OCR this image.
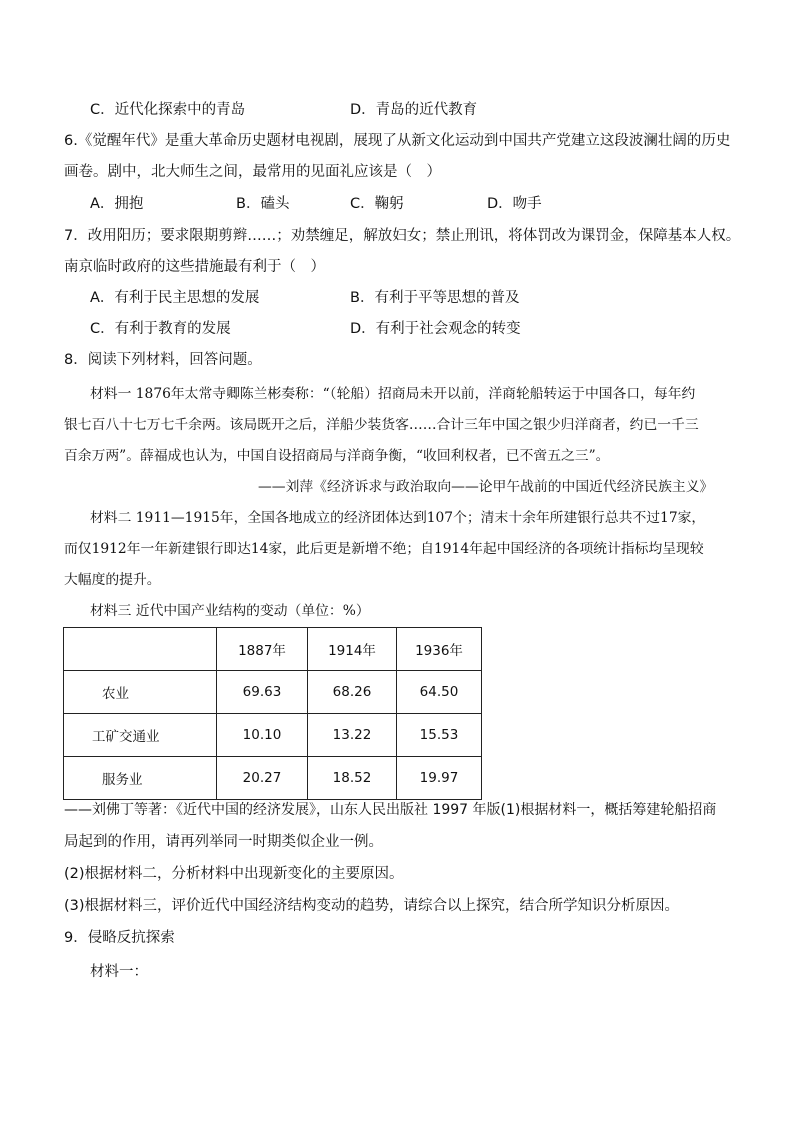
C．近代化探索中的青岛	D．青岛的近代教育
6.《觉醒年代》是重大革命历史题材电视剧，展现了从新文化运动到中国共产党建立这段波澜壮阔的历史
画卷。剧中，北大师生之间，最常用的见面礼应该是（　）
A．拥抱	B．磕头	C．鞠躬	D．吻手
7．改用阳历；要求限期剪辫……；劝禁缠足，解放妇女；禁止刑讯，将体罚改为课罚金，保障基本人权。
南京临时政府的这些措施最有利于（　）
A．有利于民主思想的发展	B．有利于平等思想的普及
C．有利于教育的发展	D．有利于社会观念的转变
8．阅读下列材料，回答问题。
材料一 1876年太常寺卿陈兰彬奏称：“（轮船）招商局未开以前，洋商轮船转运于中国各口，每年约
银七百八十七万七千余两。该局既开之后，洋船少装货客……合计三年中国之银少归洋商者，约已一千三
百余万两”。薛福成也认为，中国自设招商局与洋商争衡，“收回利权者，已不啻五之三”。
——刘萍《经济诉求与政治取向——论甲午战前的中国近代经济民族主义》
材料二 1911—1915年，全国各地成立的经济团体达到107个；清末十余年所建银行总共不过17家，
而仅1912年一年新建银行即达14家，此后更是新增不绝；自1914年起中国经济的各项统计指标均呈现较
大幅度的提升。
材料三 近代中国产业结构的变动（单位：%）
	1887年	1914年	1936年
农业	69.63	68.26	64.50
工矿交通业	10.10	13.22	15.53
服务业	20.27	18.52	19.97
——刘佛丁等著：《近代中国的经济发展》，山东人民出版社 1997 年版(1)根据材料一，概括筹建轮船招商
局起到的作用，请再列举同一时期类似企业一例。
(2)根据材料二，分析材料中出现新变化的主要原因。
(3)根据材料三，评价近代中国经济结构变动的趋势，请综合以上探究，结合所学知识分析原因。
9．侵略反抗探索
材料一：
